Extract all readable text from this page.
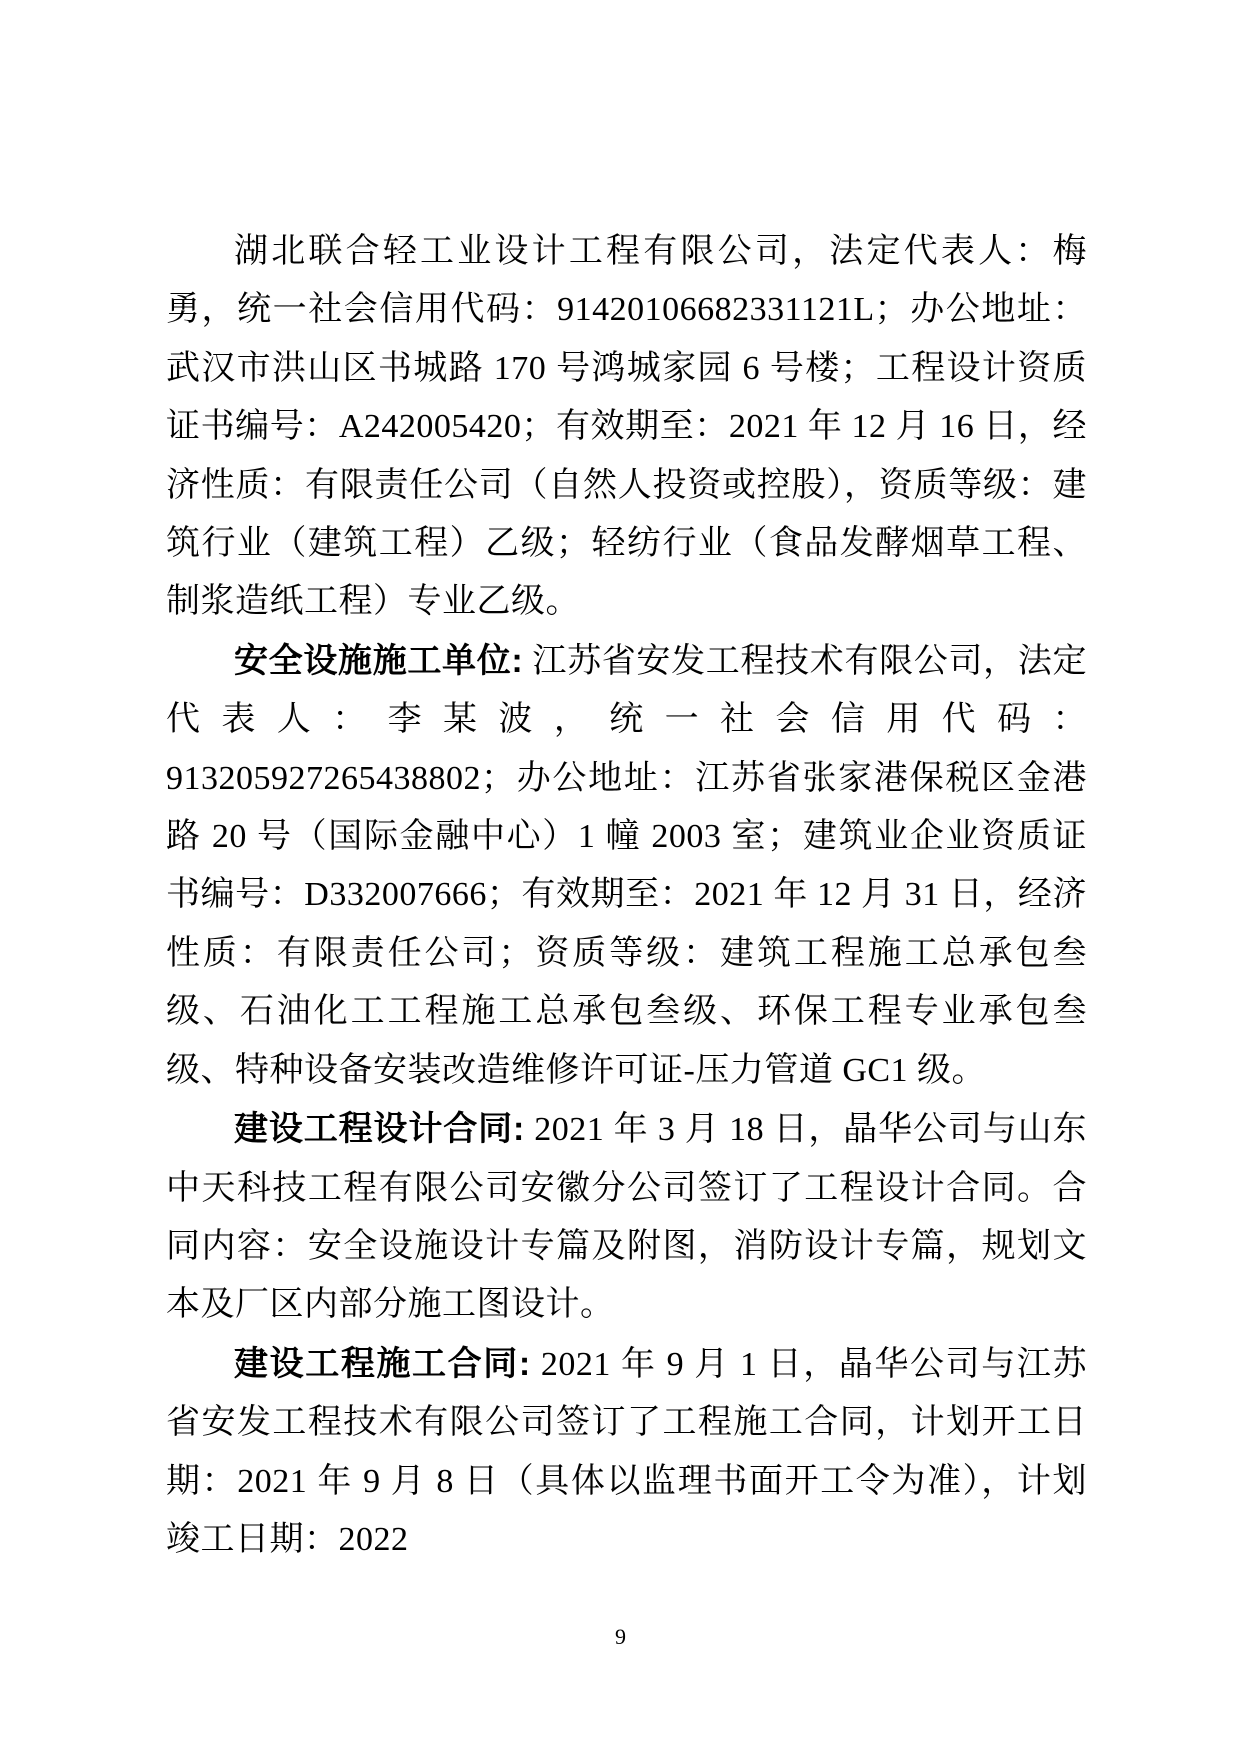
湖北联合轻工业设计工程有限公司，法定代表人：梅勇，统一社会信用代码：91420106682331121L；办公地址：武汉市洪山区书城路 170 号鸿城家园 6 号楼；工程设计资质证书编号：A242005420；有效期至：2021 年 12 月 16 日，经济性质：有限责任公司（自然人投资或控股），资质等级：建筑行业（建筑工程）乙级；轻纺行业（食品发酵烟草工程、制浆造纸工程）专业乙级。

安全设施施工单位: 江苏省安发工程技术有限公司，法定代表人：李某波，统一社会信用代码：913205927265438802；办公地址：江苏省张家港保税区金港路 20 号（国际金融中心）1 幢 2003 室；建筑业企业资质证书编号：D332007666；有效期至：2021 年 12 月 31 日，经济性质：有限责任公司；资质等级：建筑工程施工总承包叁级、石油化工工程施工总承包叁级、环保工程专业承包叁级、特种设备安装改造维修许可证-压力管道 GC1 级。

建设工程设计合同: 2021 年 3 月 18 日，晶华公司与山东中天科技工程有限公司安徽分公司签订了工程设计合同。合同内容：安全设施设计专篇及附图，消防设计专篇，规划文本及厂区内部分施工图设计。

建设工程施工合同: 2021 年 9 月 1 日，晶华公司与江苏省安发工程技术有限公司签订了工程施工合同，计划开工日期：2021 年 9 月 8 日（具体以监理书面开工令为准），计划竣工日期：2022

9
